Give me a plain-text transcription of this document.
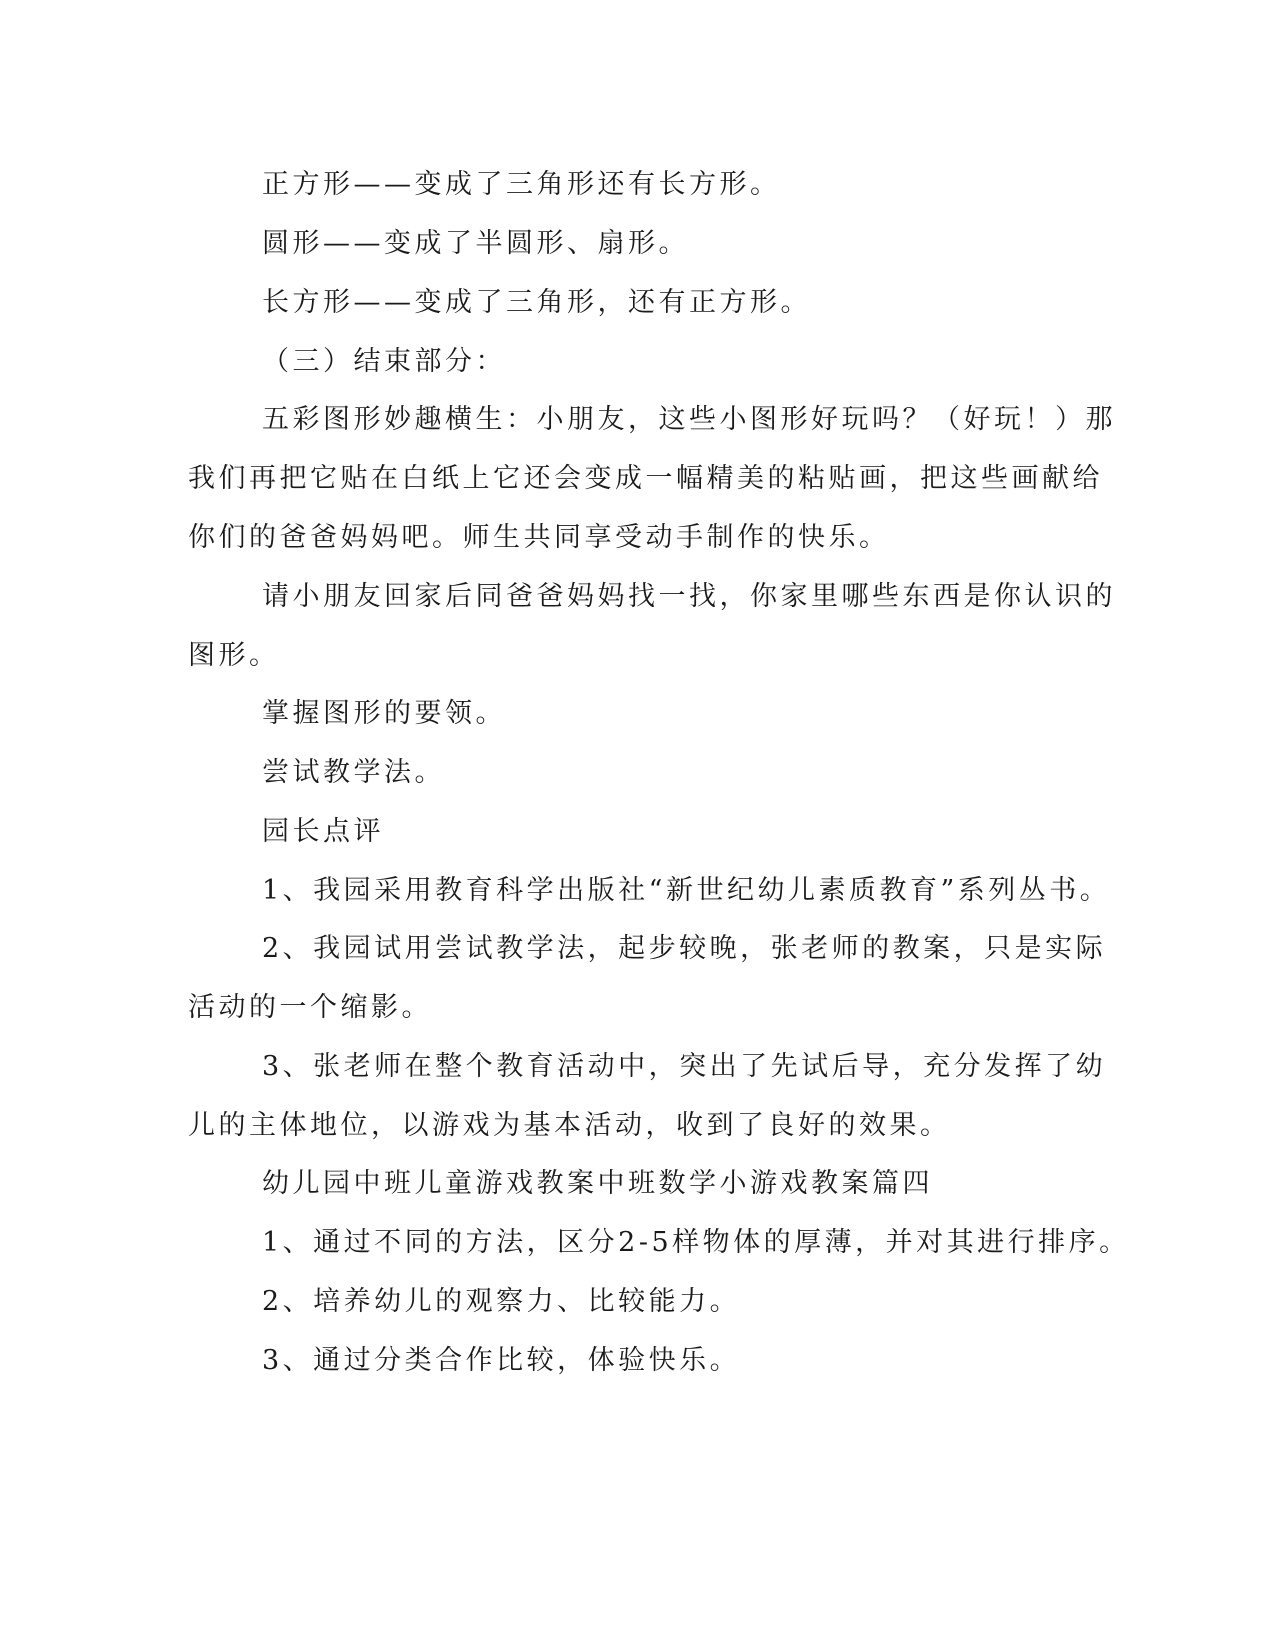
正方形——变成了三角形还有长方形。
圆形——变成了半圆形、扇形。
长方形——变成了三角形，还有正方形。
（三）结束部分：
五彩图形妙趣横生：小朋友，这些小图形好玩吗？（好玩！）那
我们再把它贴在白纸上它还会变成一幅精美的粘贴画，把这些画献给
你们的爸爸妈妈吧。师生共同享受动手制作的快乐。
请小朋友回家后同爸爸妈妈找一找，你家里哪些东西是你认识的
图形。
掌握图形的要领。
尝试教学法。
园长点评
1、我园采用教育科学出版社“新世纪幼儿素质教育”系列丛书。
2、我园试用尝试教学法，起步较晚，张老师的教案，只是实际
活动的一个缩影。
3、张老师在整个教育活动中，突出了先试后导，充分发挥了幼
儿的主体地位，以游戏为基本活动，收到了良好的效果。
幼儿园中班儿童游戏教案中班数学小游戏教案篇四
1、通过不同的方法，区分2-5样物体的厚薄，并对其进行排序。
2、培养幼儿的观察力、比较能力。
3、通过分类合作比较，体验快乐。
